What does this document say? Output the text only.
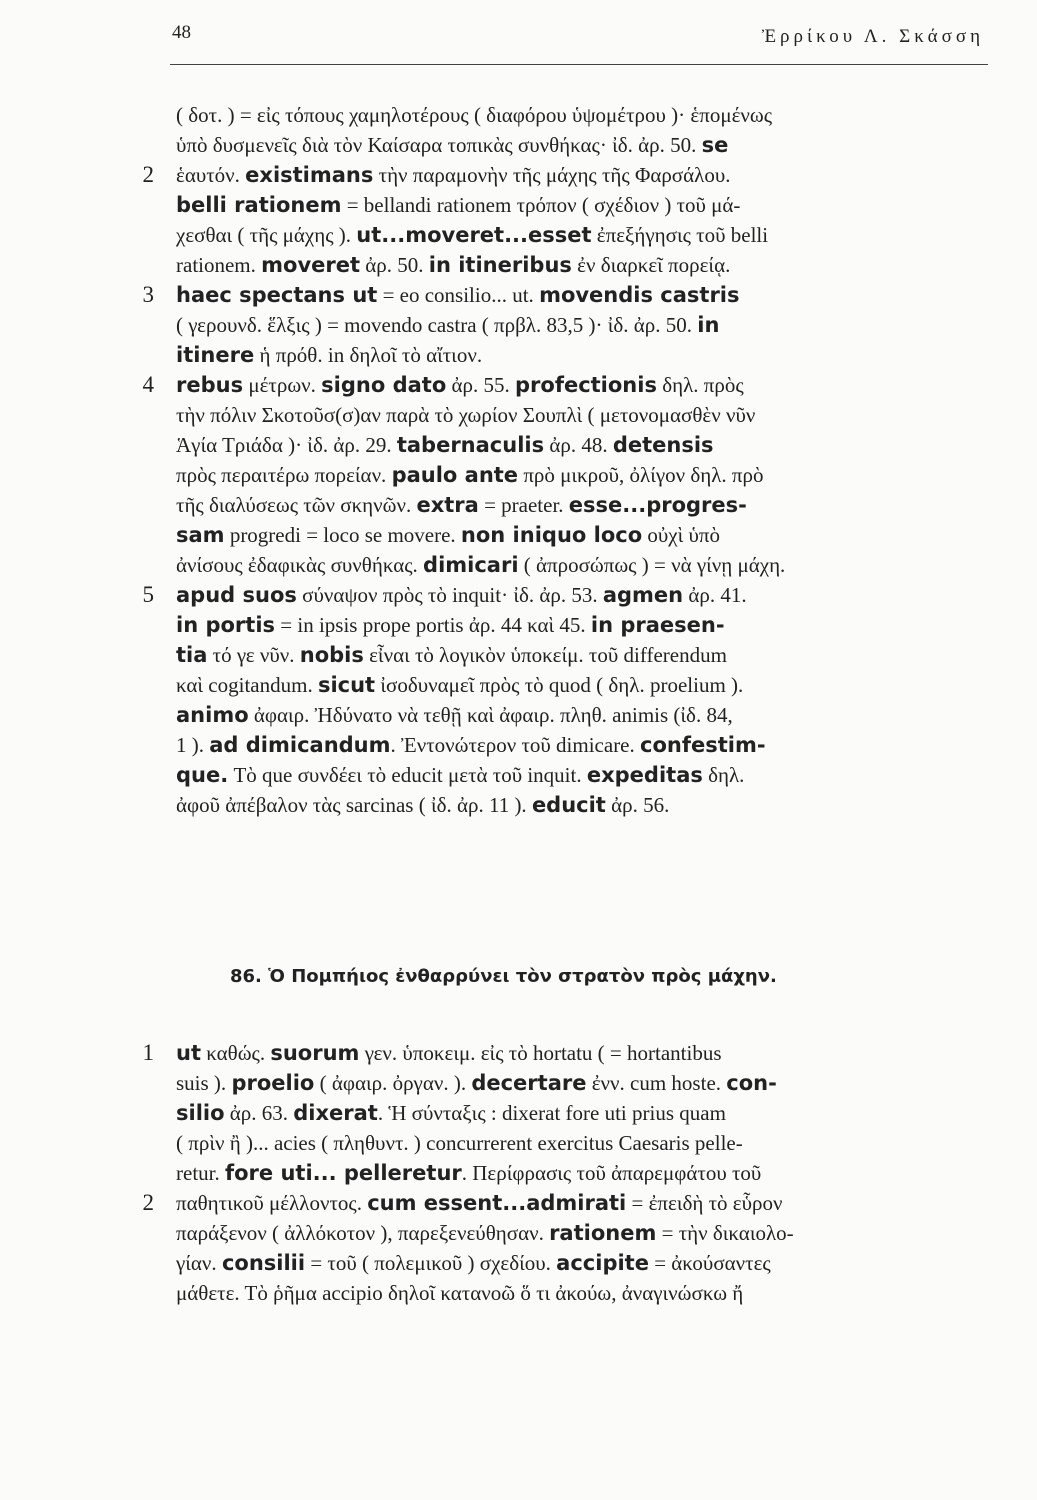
48	Ἐρρίκου Λ. Σκάσση
( δοτ. ) = εἰς τόπους χαμηλοτέρους ( διαφόρου ὑψομέτρου )· ἑπομένως
ὑπὸ δυσμενεῖς διὰ τὸν Καίσαρα τοπικὰς συνθήκας· ἰδ. ἀρ. 50. se
2 ἑαυτόν. existimans τὴν παραμονὴν τῆς μάχης τῆς Φαρσάλου.
belli rationem = bellandi rationem τρόπον ( σχέδιον ) τοῦ μά-
χεσθαι ( τῆς μάχης ). ut...moveret...esset ἐπεξήγησις τοῦ belli
rationem. moveret ἀρ. 50. in itineribus ἐν διαρκεῖ πορείᾳ.
3 haec spectans ut = eo consilio... ut. movendis castris
( γερουνδ. ἕλξις ) = movendo castra ( πρβλ. 83,5 )· ἰδ. ἀρ. 50. in
itinere ἡ πρόθ. in δηλοῖ τὸ αἴτιον.
4 rebus μέτρων. signo dato ἀρ. 55. profectionis δηλ. πρὸς
τὴν πόλιν Σκοτοῦσ(σ)αν παρὰ τὸ χωρίον Σουπλὶ ( μετονομασθὲν νῦν
Ἁγία Τριάδα )· ἰδ. ἀρ. 29. tabernaculis ἀρ. 48. detensis
πρὸς περαιτέρω πορείαν. paulo ante πρὸ μικροῦ, ὀλίγον δηλ. πρὸ
τῆς διαλύσεως τῶν σκηνῶν. extra = praeter. esse...progres-
sam progredi = loco se movere. non iniquo loco οὐχὶ ὑπὸ
ἀνίσους ἐδαφικὰς συνθήκας. dimicari ( ἀπροσώπως ) = νὰ γίνῃ μάχη.
5 apud suos σύναψον πρὸς τὸ inquit· ἰδ. ἀρ. 53. agmen ἀρ. 41.
in portis = in ipsis prope portis ἀρ. 44 καὶ 45. in praesen-
tia τό γε νῦν. nobis εἶναι τὸ λογικὸν ὑποκείμ. τοῦ differendum
καὶ cogitandum. sicut ἰσοδυναμεῖ πρὸς τὸ quod ( δηλ. proelium ).
animo ἀφαιρ. Ἠδύνατο νὰ τεθῇ καὶ ἀφαιρ. πληθ. animis (ἰδ. 84,
1 ). ad dimicandum. Ἐντονώτερον τοῦ dimicare. confestim-
que. Τὸ que συνδέει τὸ educit μετὰ τοῦ inquit. expeditas δηλ.
ἀφοῦ ἀπέβαλον τὰς sarcinas ( ἰδ. ἀρ. 11 ). educit ἀρ. 56.
86. Ὁ Πομπήιος ἐνθαρρύνει τὸν στρατὸν πρὸς μάχην.
1 ut καθώς. suorum γεν. ὑποκειμ. εἰς τὸ hortatu ( = hortantibus
suis ). proelio ( ἀφαιρ. ὀργαν. ). decertare ἐνν. cum hoste. con-
silio ἀρ. 63. dixerat. Ἡ σύνταξις : dixerat fore uti prius quam
( πρὶν ἢ )... acies ( πληθυντ. ) concurrerent exercitus Caesaris pelle-
retur. fore uti... pelleretur. Περίφρασις τοῦ ἀπαρεμφάτου τοῦ
2 παθητικοῦ μέλλοντος. cum essent...admirati = ἐπειδὴ τὸ εὗρον
παράξενον ( ἀλλόκοτον ), παρεξενεύθησαν. rationem = τὴν δικαιολο-
γίαν. consilii = τοῦ ( πολεμικοῦ ) σχεδίου. accipite = ἀκούσαντες
μάθετε. Τὸ ῥῆμα accipio δηλοῖ κατανοῶ ὅ τι ἀκούω, ἀναγινώσκω ἤ
